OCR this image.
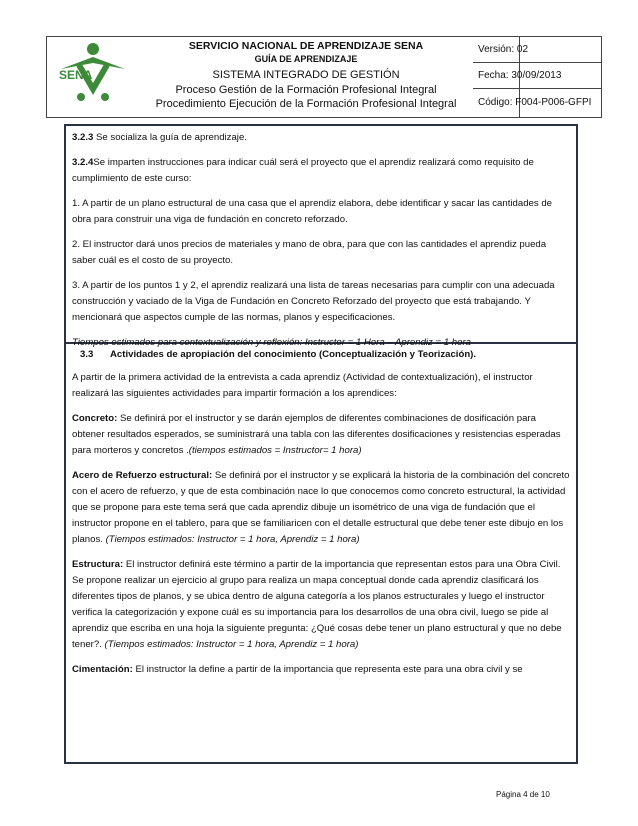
SENA
SERVICIO NACIONAL DE APRENDIZAJE SENA
GUÍA DE APRENDIZAJE
SISTEMA INTEGRADO DE GESTIÓN
Proceso Gestión de la Formación Profesional Integral
Procedimiento Ejecución de la Formación Profesional Integral
Versión: 02
Fecha: 30/09/2013
Código: F004-P006-GFPI

3.2.3 Se socializa la guía de aprendizaje.

3.2.4Se imparten instrucciones para indicar cuál será el proyecto que el aprendiz realizará como requisito de cumplimiento de este curso:

1. A partir de un plano estructural de una casa que el aprendiz elabora, debe identificar y sacar las cantidades de obra para construir una viga de fundación en concreto reforzado.

2. El instructor dará unos precios de materiales y mano de obra, para que con las cantidades el aprendiz pueda saber cuál es el costo de su proyecto.

3. A partir de los puntos 1 y 2, el aprendiz realizará una lista de tareas necesarias para cumplir con una adecuada construcción y vaciado de la Viga de Fundación en Concreto Reforzado del proyecto que está trabajando. Y mencionará que aspectos cumple de las normas, planos y especificaciones.

Tiempos estimados para contextualización y reflexión: Instructor = 1 Hora – Aprendiz = 1 hora

3.3 Actividades de apropiación del conocimiento (Conceptualización y Teorización).

A partir de la primera actividad de la entrevista a cada aprendiz (Actividad de contextualización), el instructor realizará las siguientes actividades para impartir formación a los aprendices:

Concreto: Se definirá por el instructor y se darán ejemplos de diferentes combinaciones de dosificación para obtener resultados esperados, se suministrará una tabla con las diferentes dosificaciones y resistencias esperadas para morteros y concretos .(tiempos estimados = Instructor= 1 hora)

Acero de Refuerzo estructural: Se definirá por el instructor y se explicará la historia de la combinación del concreto con el acero de refuerzo, y que de esta combinación nace lo que conocemos como concreto estructural, la actividad que se propone para este tema será que cada aprendiz dibuje un isométrico de una viga de fundación que el instructor propone en el tablero, para que se familiaricen con el detalle estructural que debe tener este dibujo en los planos. (Tiempos estimados: Instructor = 1 hora, Aprendiz = 1 hora)

Estructura: El instructor definirá este término a partir de la importancia que representan estos para una Obra Civil. Se propone realizar un ejercicio al grupo para realiza un mapa conceptual donde cada aprendiz clasificará los diferentes tipos de planos, y se ubica dentro de alguna categoría a los planos estructurales y luego el instructor verifica la categorización y expone cuál es su importancia para los desarrollos de una obra civil, luego se pide al aprendiz que escriba en una hoja la siguiente pregunta: ¿Qué cosas debe tener un plano estructural y que no debe tener?. (Tiempos estimados: Instructor = 1 hora, Aprendiz = 1 hora)

Cimentación: El instructor la define a partir de la importancia que representa este para una obra civil y se

Página 4 de 10
